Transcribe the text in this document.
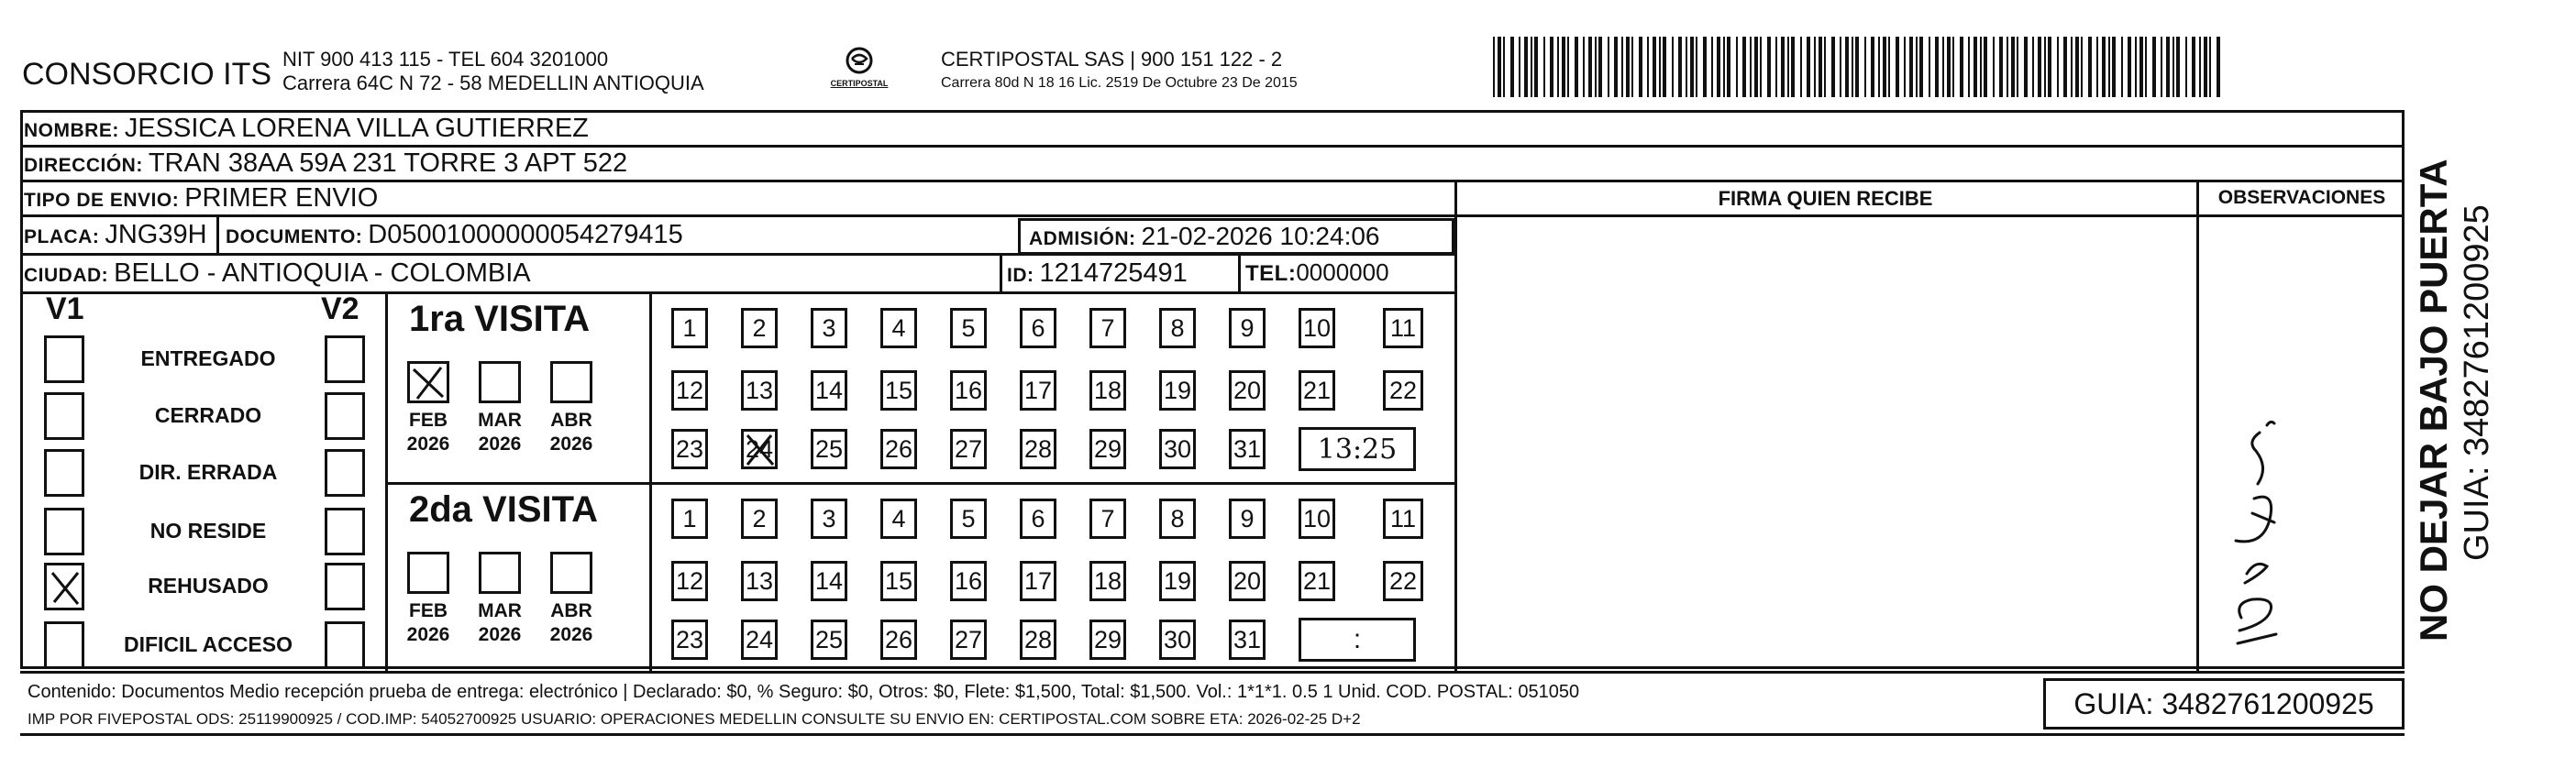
CONSORCIO ITS NIT 900 413 115 - TEL 604 3201000
Carrera 64C N 72 - 58 MEDELLIN ANTIOQUIA	CERTIPOSTAL
CERTIPOSTAL SAS | 900 151 122 - 2
Carrera 80d N 18 16 Lic. 2519 De Octubre 23 De 2015
NOMBRE: JESSICA LORENA VILLA GUTIERREZ
DIRECCIÓN: TRAN 38AA 59A 231 TORRE 3 APT 522
TIPO DE ENVIO: PRIMER ENVIO
PLACA: JNG39H DOCUMENTO: D05001000000054279415	ADMISIÓN: 21-02-2026 10:24:06
CIUDAD: BELLO - ANTIOQUIA - COLOMBIA	ID: 1214725491	TEL: 0000000
FIRMA QUIEN RECIBE	OBSERVACIONES
V1	V2
ENTREGADO
CERRADO
DIR. ERRADA
NO RESIDE
REHUSADO
DIFICIL ACCESO
1ra VISITA
FEB
2026
MAR
2026
ABR
2026
1 2 3 4 5 6 7 8 9 10 11
12 13 14 15 16 17 18 19 20 21 22
23 24 25 26 27 28 29 30 31 13:25
2da VISITA
FEB
2026
MAR
2026
ABR
2026
1 2 3 4 5 6 7 8 9 10 11
12 13 14 15 16 17 18 19 20 21 22
23 24 25 26 27 28 29 30 31	:
Contenido: Documentos Medio recepción prueba de entrega: electrónico | Declarado: $0, % Seguro: $0, Otros: $0, Flete: $1,500, Total: $1,500. Vol.: 1*1*1. 0.5 1 Unid. COD. POSTAL: 051050
IMP POR FIVEPOSTAL ODS: 25119900925 / COD.IMP: 54052700925 USUARIO: OPERACIONES MEDELLIN CONSULTE SU ENVIO EN: CERTIPOSTAL.COM SOBRE ETA: 2026-02-25 D+2	GUIA: 3482761200925
NO DEJAR BAJO PUERTA GUIA: 3482761200925
